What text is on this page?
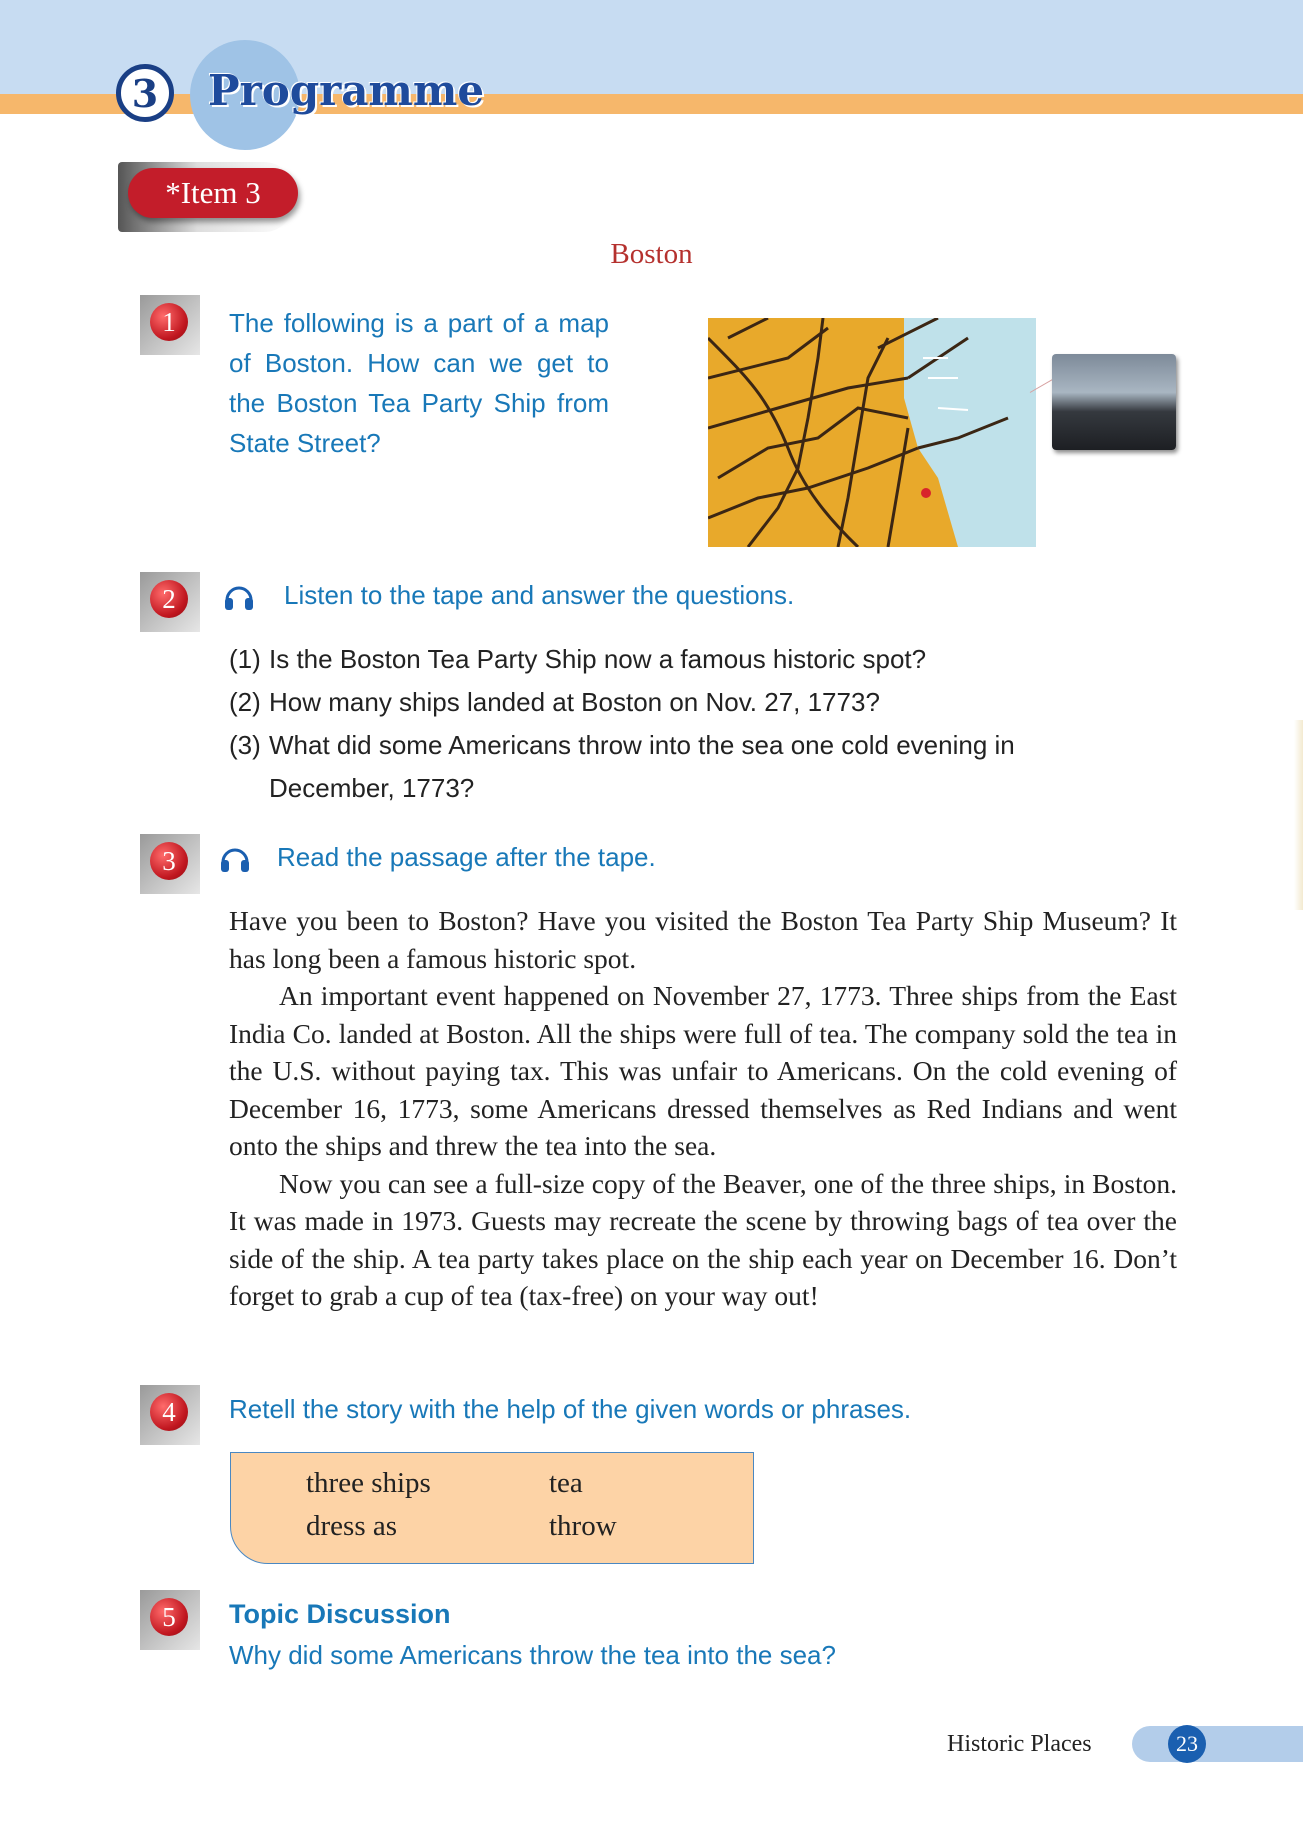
3	Programme
*Item 3
Boston
1	The following is a part of a map of Boston. How can we get to the Boston Tea Party Ship from State Street?

2	Listen to the tape and answer the questions.

(1) Is the Boston Tea Party Ship now a famous historic spot?
(2) How many ships landed at Boston on Nov. 27, 1773?
(3) What did some Americans throw into the sea one cold evening in December, 1773?
3	Read the passage after the tape.

Have you been to Boston? Have you visited the Boston Tea Party Ship Museum? It has long been a famous historic spot.

An important event happened on November 27, 1773. Three ships from the East India Co. landed at Boston. All the ships were full of tea. The company sold the tea in the U.S. without paying tax. This was unfair to Americans. On the cold evening of December 16, 1773, some Americans dressed themselves as Red Indians and went onto the ships and threw the tea into the sea.

Now you can see a full-size copy of the Beaver, one of the three ships, in Boston. It was made in 1973. Guests may recreate the scene by throwing bags of tea over the side of the ship. A tea party takes place on the ship each year on December 16. Don’t forget to grab a cup of tea (tax-free) on your way out!

4	Retell the story with the help of the given words or phrases.

three ships	tea
dress as	throw
5	Topic Discussion

Why did some Americans throw the tea into the sea?

Historic Places	23
